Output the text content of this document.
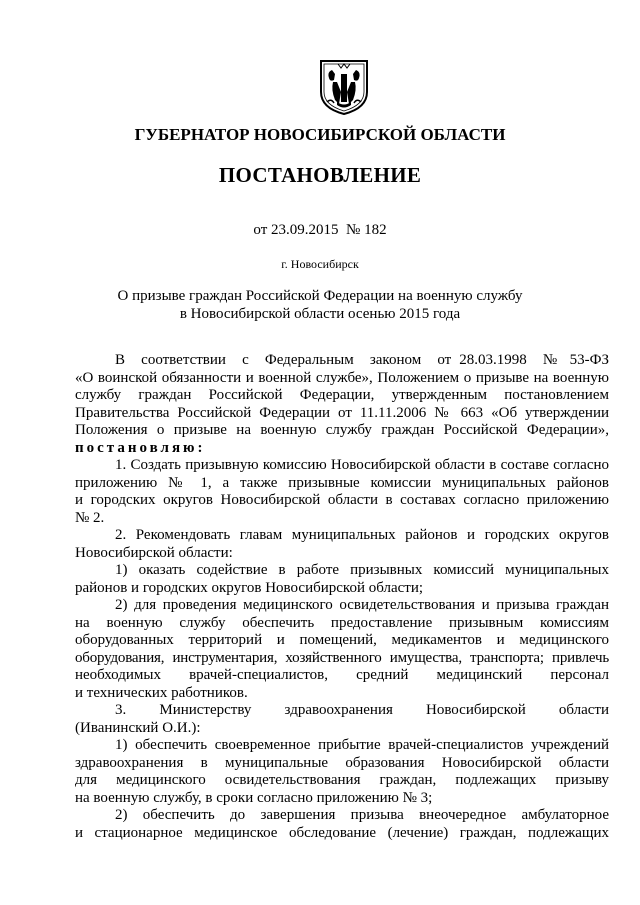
ГУБЕРНАТОР НОВОСИБИРСКОЙ ОБЛАСТИ
ПОСТАНОВЛЕНИЕ
от 23.09.2015  № 182
г. Новосибирск
О призыве граждан Российской Федерации на военную службу
в Новосибирской области осенью 2015 года
В  соответствии  с  Федеральным  законом  от 28.03.1998  № 53-ФЗ
«О воинской обязанности и военной службе», Положением о призыве на военную
службу граждан Российской Федерации, утвержденным постановлением
Правительства Российской Федерации от 11.11.2006 № 663 «Об утверждении
Положения о призыве на военную службу граждан Российской Федерации»,
постановляю:
1. Создать призывную комиссию Новосибирской области в составе согласно
приложению № 1, а также призывные комиссии муниципальных районов
и городских округов Новосибирской области в составах согласно приложению
№ 2.
2. Рекомендовать главам муниципальных районов и городских округов
Новосибирской области:
1) оказать содействие в работе призывных комиссий муниципальных
районов и городских округов Новосибирской области;
2) для проведения медицинского освидетельствования и призыва граждан
на военную службу обеспечить предоставление призывным комиссиям
оборудованных территорий и помещений, медикаментов и медицинского
оборудования, инструментария, хозяйственного имущества, транспорта; привлечь
необходимых врачей-специалистов, средний медицинский персонал
и технических работников.
3. Министерству здравоохранения Новосибирской области
(Иванинский О.И.):
1) обеспечить своевременное прибытие врачей-специалистов учреждений
здравоохранения в муниципальные образования Новосибирской области
для медицинского освидетельствования граждан, подлежащих призыву
на военную службу, в сроки согласно приложению № 3;
2) обеспечить до завершения призыва внеочередное амбулаторное
и стационарное медицинское обследование (лечение) граждан, подлежащих
